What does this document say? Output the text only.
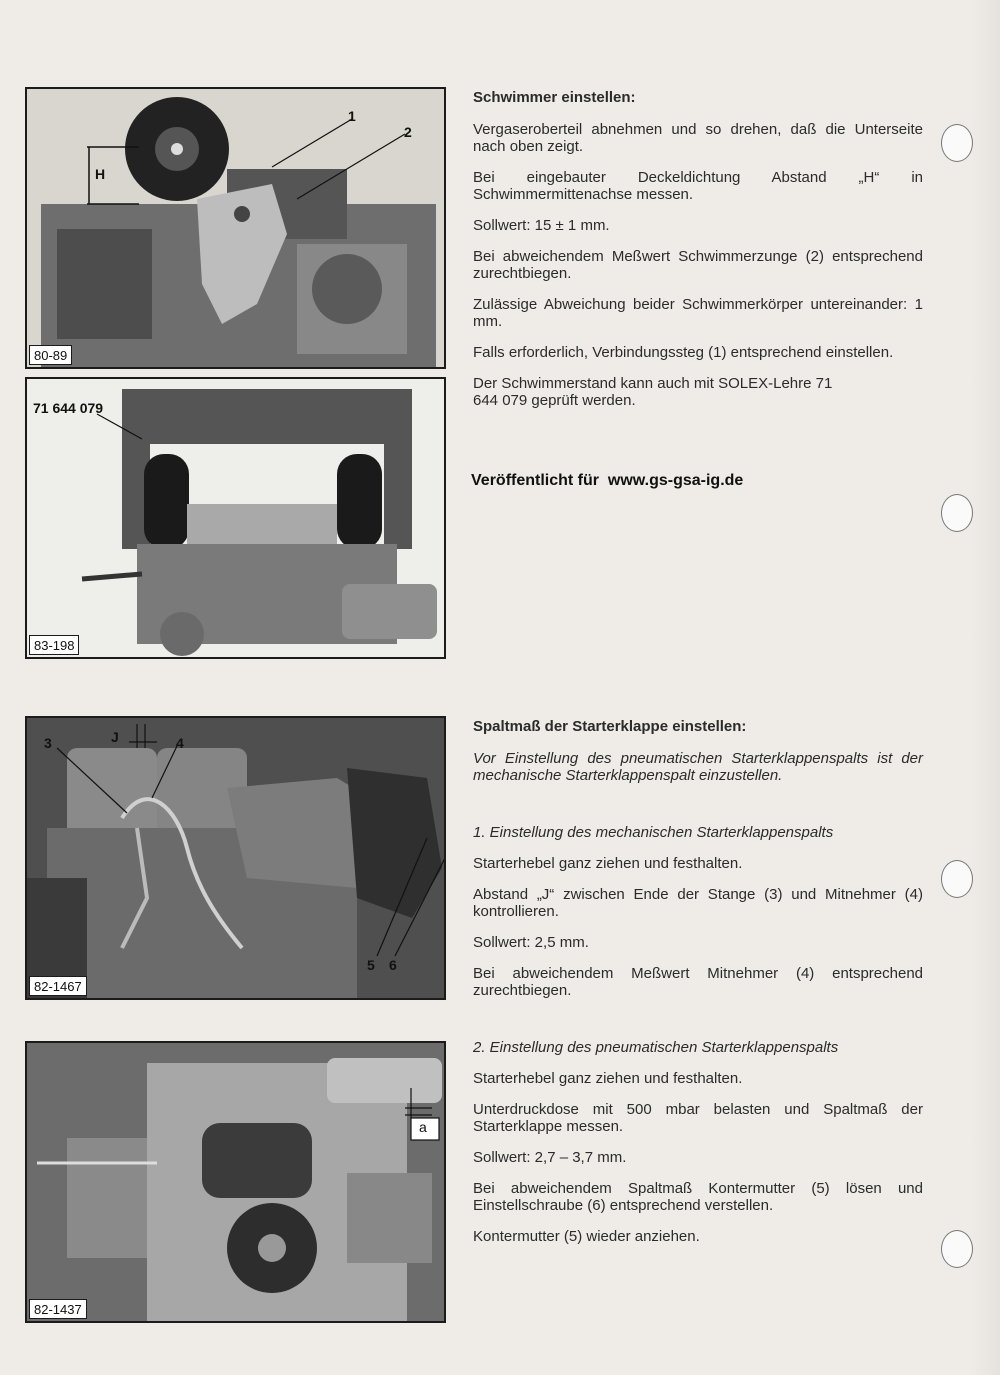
1
2
H
80-89
71 644 079
83-198
3	J	4
5 6
82-1467
a
82-1437

Schwimmer einstellen:

Vergaseroberteil abnehmen und so drehen, daß die Unterseite nach oben zeigt.

Bei eingebauter Deckeldichtung Abstand „H“ in Schwimmermittenachse messen.

Sollwert: 15 ± 1 mm.

Bei abweichendem Meßwert Schwimmerzunge (2) entsprechend zurechtbiegen.

Zulässige Abweichung beider Schwimmerkörper untereinander: 1 mm.

Falls erforderlich, Verbindungssteg (1) entsprechend einstellen.

Der Schwimmerstand kann auch mit SOLEX-Lehre 71 644 079 geprüft werden.

Veröffentlicht für  www.gs-gsa-ig.de

Spaltmaß der Starterklappe einstellen:

Vor Einstellung des pneumatischen Starterklappenspalts ist der mechanische Starterklappenspalt einzustellen.

1. Einstellung des mechanischen Starterklappenspalts

Starterhebel ganz ziehen und festhalten.

Abstand „J“ zwischen Ende der Stange (3) und Mitnehmer (4) kontrollieren.

Sollwert: 2,5 mm.

Bei abweichendem Meßwert Mitnehmer (4) entsprechend zurechtbiegen.

2. Einstellung des pneumatischen Starterklappenspalts

Starterhebel ganz ziehen und festhalten.

Unterdruckdose mit 500 mbar belasten und Spaltmaß der Starterklappe messen.

Sollwert: 2,7 – 3,7 mm.

Bei abweichendem Spaltmaß Kontermutter (5) lösen und Einstellschraube (6) entsprechend verstellen.

Kontermutter (5) wieder anziehen.
